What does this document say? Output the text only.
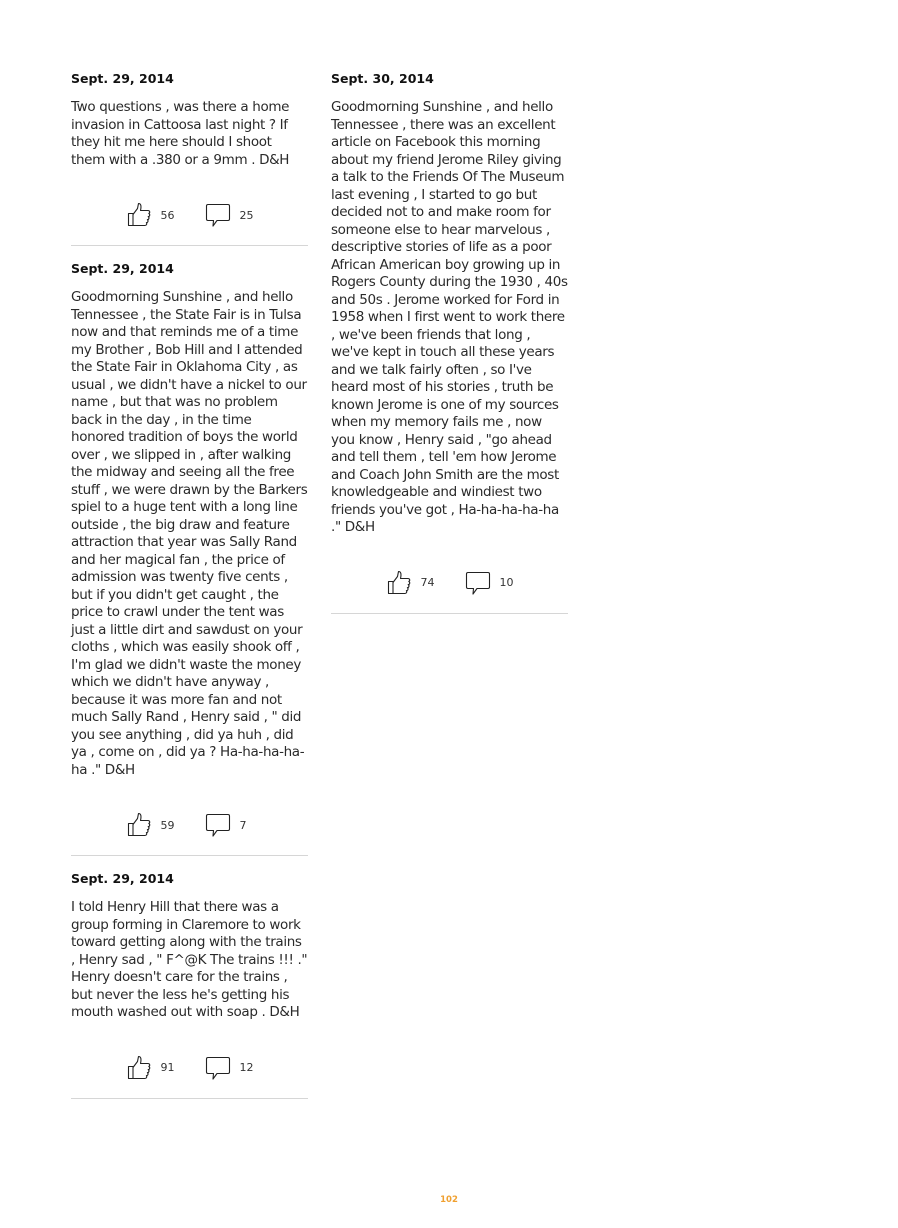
Sept. 29, 2014

Two questions , was there a home invasion in Cattoosa last night ? If they hit me here should I shoot them with a .380 or a 9mm . D&H

56	25
Sept. 29, 2014

Goodmorning Sunshine , and hello Tennessee , the State Fair is in Tulsa now and that reminds me of a time my Brother , Bob Hill and I attended the State Fair in Oklahoma City , as usual , we didn't have a nickel to our name , but that was no problem back in the day , in the time honored tradition of boys the world over , we slipped in , after walking the midway and seeing all the free stuff , we were drawn by the Barkers spiel to a huge tent with a long line outside , the big draw and feature attraction that year was Sally Rand and her magical fan , the price of admission was twenty five cents , but if you didn't get caught , the price to crawl under the tent was just a little dirt and sawdust on your cloths , which was easily shook off , I'm glad we didn't waste the money which we didn't have anyway , because it was more fan and not much Sally Rand , Henry said , " did you see anything , did ya huh , did ya , come on , did ya ? Ha-ha-ha-ha-ha ." D&H

59	7
Sept. 29, 2014

I told Henry Hill that there was a group forming in Claremore to work toward getting along with the trains , Henry sad , " F^@K The trains !!! ." Henry doesn't care for the trains , but never the less he's getting his mouth washed out with soap . D&H

91	12
Sept. 30, 2014

Goodmorning Sunshine , and hello Tennessee , there was an excellent article on Facebook this morning about my friend Jerome Riley giving a talk to the Friends Of The Museum last evening , I started to go but decided not to and make room for someone else to hear marvelous , descriptive stories of life as a poor African American boy growing up in Rogers County during the 1930 , 40s and 50s . Jerome worked for Ford in 1958 when I first went to work there , we've been friends that long , we've kept in touch all these years and we talk fairly often , so I've heard most of his stories , truth be known Jerome is one of my sources when my memory fails me , now you know , Henry said , "go ahead and tell them , tell 'em how Jerome and Coach John Smith are the most knowledgeable and windiest two friends you've got , Ha-ha-ha-ha-ha ." D&H

74	10
102
